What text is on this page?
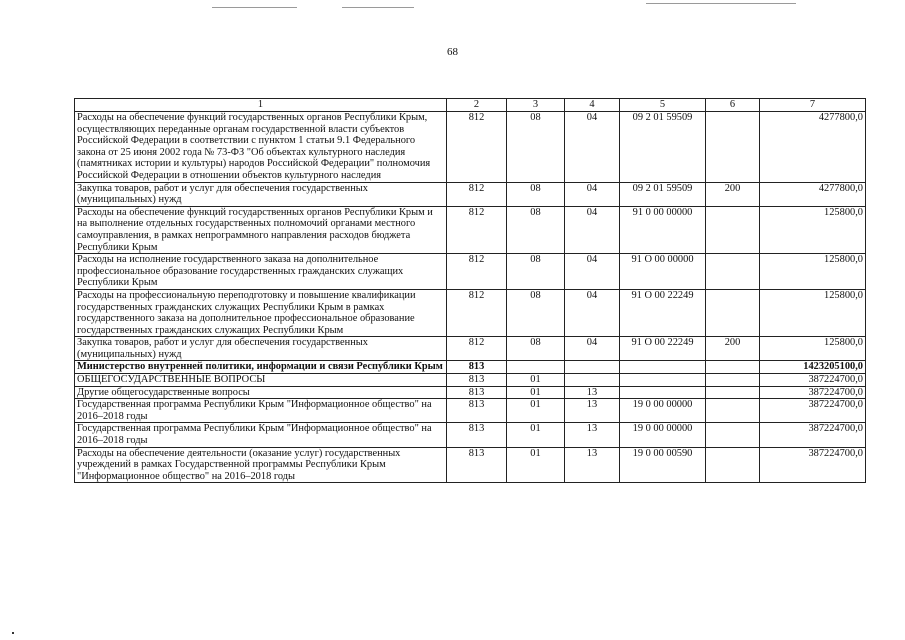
68
1	2	3	4	5	6	7
Расходы на обеспечение функций государственных органов Республики Крым, осуществляющих переданные органам государственной власти субъектов Российской Федерации в соответствии с пунктом 1 статьи 9.1 Федерального закона от 25 июня 2002 года № 73-ФЗ "Об объектах культурного наследия (памятниках истории и культуры) народов Российской Федерации" полномочия Российской Федерации в отношении объектов культурного наследия	812	08	04	09 2 01 59509		4277800,0
Закупка товаров, работ и услуг для обеспечения государственных (муниципальных) нужд	812	08	04	09 2 01 59509	200	4277800,0
Расходы на обеспечение функций государственных органов Республики Крым и на выполнение отдельных государственных полномочий органами местного самоуправления, в рамках непрограммного направления расходов бюджета Республики Крым	812	08	04	91 0 00 00000		125800,0
Расходы на исполнение государственного заказа на дополнительное профессиональное образование государственных гражданских служащих Республики Крым	812	08	04	91 О 00 00000		125800,0
Расходы на профессиональную переподготовку и повышение квалификации государственных гражданских служащих Республики Крым в рамках государственного заказа на дополнительное профессиональное образование государственных гражданских служащих Республики Крым	812	08	04	91 О 00 22249		125800,0
Закупка товаров, работ и услуг для обеспечения государственных (муниципальных) нужд	812	08	04	91 О 00 22249	200	125800,0
Министерство внутренней политики, информации и связи Республики Крым	813					1423205100,0
ОБЩЕГОСУДАРСТВЕННЫЕ ВОПРОСЫ	813	01				387224700,0
Другие общегосударственные вопросы	813	01	13			387224700,0
Государственная программа Республики Крым "Информационное общество" на 2016–2018 годы	813	01	13	19 0 00 00000		387224700,0
Государственная программа Республики Крым "Информационное общество" на 2016–2018 годы	813	01	13	19 0 00 00000		387224700,0
Расходы на обеспечение деятельности (оказание услуг) государственных учреждений в рамках Государственной программы Республики Крым "Информационное общество" на 2016–2018 годы	813	01	13	19 0 00 00590		387224700,0
